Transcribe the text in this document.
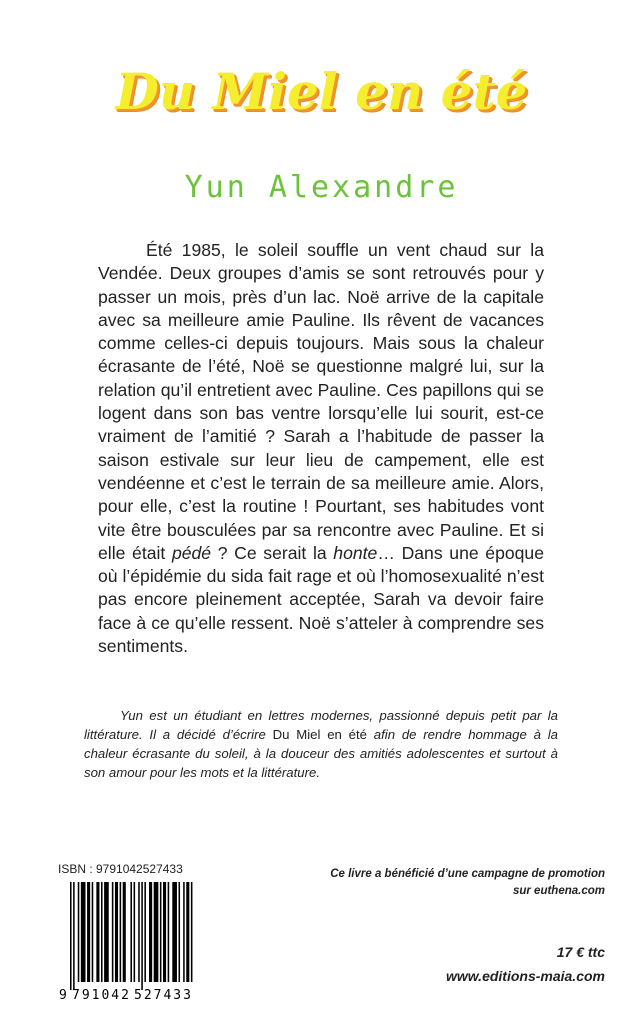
Du Miel en été
Yun Alexandre

Été 1985, le soleil souffle un vent chaud sur la Vendée. Deux groupes d’amis se sont retrouvés pour y passer un mois, près d’un lac. Noë arrive de la capitale avec sa meilleure amie Pauline. Ils rêvent de vacances comme celles-ci depuis toujours. Mais sous la chaleur écrasante de l’été, Noë se questionne malgré lui, sur la relation qu’il entretient avec Pauline. Ces papillons qui se logent dans son bas ventre lorsqu’elle lui sourit, est-ce vraiment de l’amitié ? Sarah a l’habitude de passer la saison estivale sur leur lieu de campement, elle est vendéenne et c’est le terrain de sa meilleure amie. Alors, pour elle, c’est la routine ! Pourtant, ses habitudes vont vite être bousculées par sa rencontre avec Pauline. Et si elle était pédé ? Ce serait la honte… Dans une époque où l’épidémie du sida fait rage et où l’homosexualité n’est pas encore pleinement acceptée, Sarah va devoir faire face à ce qu’elle ressent. Noë s’atteler à comprendre ses sentiments.

Yun est un étudiant en lettres modernes, passionné depuis petit par la littérature. Il a décidé d’écrire Du Miel en été afin de rendre hommage à la chaleur écrasante du soleil, à la douceur des amitiés adolescentes et surtout à son amour pour les mots et la littérature.

ISBN : 9791042527433
9 791042 527433
Ce livre a bénéficié d’une campagne de promotion
sur euthena.com
17 € ttc
www.editions-maia.com
